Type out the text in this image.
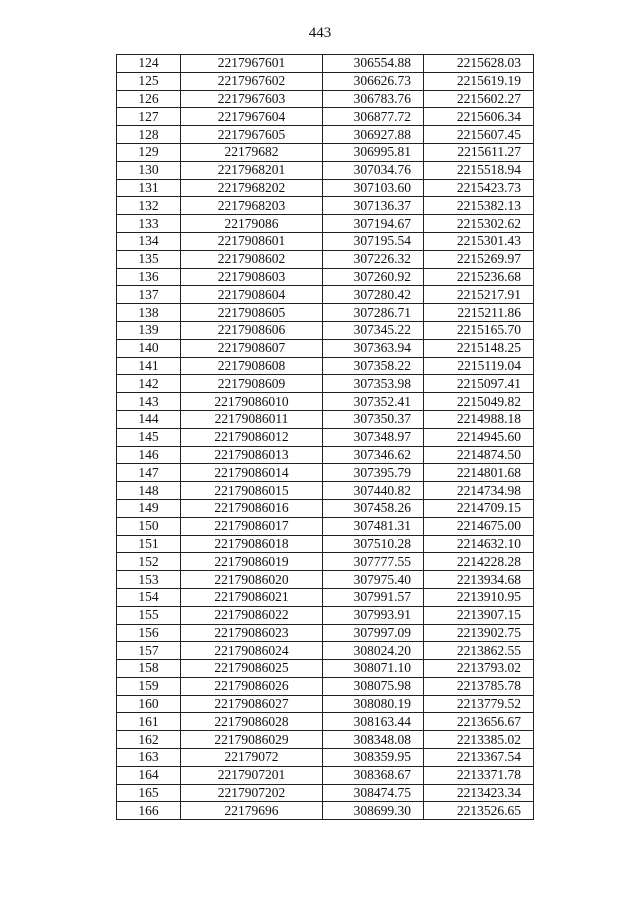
443
124	2217967601	306554.88	2215628.03
125	2217967602	306626.73	2215619.19
126	2217967603	306783.76	2215602.27
127	2217967604	306877.72	2215606.34
128	2217967605	306927.88	2215607.45
129	22179682	306995.81	2215611.27
130	2217968201	307034.76	2215518.94
131	2217968202	307103.60	2215423.73
132	2217968203	307136.37	2215382.13
133	22179086	307194.67	2215302.62
134	2217908601	307195.54	2215301.43
135	2217908602	307226.32	2215269.97
136	2217908603	307260.92	2215236.68
137	2217908604	307280.42	2215217.91
138	2217908605	307286.71	2215211.86
139	2217908606	307345.22	2215165.70
140	2217908607	307363.94	2215148.25
141	2217908608	307358.22	2215119.04
142	2217908609	307353.98	2215097.41
143	22179086010	307352.41	2215049.82
144	22179086011	307350.37	2214988.18
145	22179086012	307348.97	2214945.60
146	22179086013	307346.62	2214874.50
147	22179086014	307395.79	2214801.68
148	22179086015	307440.82	2214734.98
149	22179086016	307458.26	2214709.15
150	22179086017	307481.31	2214675.00
151	22179086018	307510.28	2214632.10
152	22179086019	307777.55	2214228.28
153	22179086020	307975.40	2213934.68
154	22179086021	307991.57	2213910.95
155	22179086022	307993.91	2213907.15
156	22179086023	307997.09	2213902.75
157	22179086024	308024.20	2213862.55
158	22179086025	308071.10	2213793.02
159	22179086026	308075.98	2213785.78
160	22179086027	308080.19	2213779.52
161	22179086028	308163.44	2213656.67
162	22179086029	308348.08	2213385.02
163	22179072	308359.95	2213367.54
164	2217907201	308368.67	2213371.78
165	2217907202	308474.75	2213423.34
166	22179696	308699.30	2213526.65
